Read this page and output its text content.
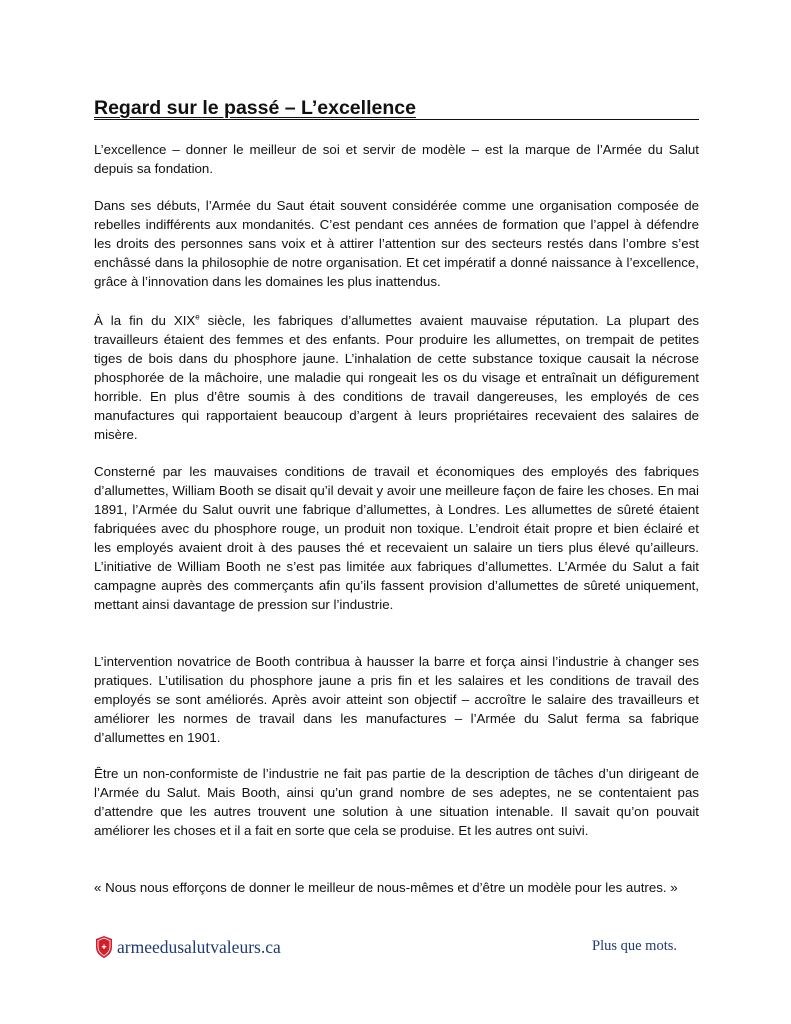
Regard sur le passé – L’excellence

L’excellence – donner le meilleur de soi et servir de modèle – est la marque de l’Armée du Salut depuis sa fondation.

Dans ses débuts, l’Armée du Saut était souvent considérée comme une organisation composée de rebelles indifférents aux mondanités. C’est pendant ces années de formation que l’appel à défendre les droits des personnes sans voix et à attirer l’attention sur des secteurs restés dans l’ombre s’est enchâssé dans la philosophie de notre organisation. Et cet impératif a donné naissance à l’excellence, grâce à l’innovation dans les domaines les plus inattendus.

À la fin du XIXe siècle, les fabriques d’allumettes avaient mauvaise réputation. La plupart des travailleurs étaient des femmes et des enfants. Pour produire les allumettes, on trempait de petites tiges de bois dans du phosphore jaune. L’inhalation de cette substance toxique causait la nécrose phosphorée de la mâchoire, une maladie qui rongeait les os du visage et entraînait un défigurement horrible. En plus d’être soumis à des conditions de travail dangereuses, les employés de ces manufactures qui rapportaient beaucoup d’argent à leurs propriétaires recevaient des salaires de misère.

Consterné par les mauvaises conditions de travail et économiques des employés des fabriques d’allumettes, William Booth se disait qu’il devait y avoir une meilleure façon de faire les choses. En mai 1891, l’Armée du Salut ouvrit une fabrique d’allumettes, à Londres. Les allumettes de sûreté étaient fabriquées avec du phosphore rouge, un produit non toxique. L’endroit était propre et bien éclairé et les employés avaient droit à des pauses thé et recevaient un salaire un tiers plus élevé qu’ailleurs. L’initiative de William Booth ne s’est pas limitée aux fabriques d’allumettes. L’Armée du Salut a fait campagne auprès des commerçants afin qu’ils fassent provision d’allumettes de sûreté uniquement, mettant ainsi davantage de pression sur l’industrie.

L’intervention novatrice de Booth contribua à hausser la barre et força ainsi l’industrie à changer ses pratiques. L’utilisation du phosphore jaune a pris fin et les salaires et les conditions de travail des employés se sont améliorés. Après avoir atteint son objectif – accroître le salaire des travailleurs et améliorer les normes de travail dans les manufactures – l’Armée du Salut ferma sa fabrique d’allumettes en 1901.

Être un non-conformiste de l’industrie ne fait pas partie de la description de tâches d’un dirigeant de l’Armée du Salut. Mais Booth, ainsi qu’un grand nombre de ses adeptes, ne se contentaient pas d’attendre que les autres trouvent une solution à une situation intenable. Il savait qu’on pouvait améliorer les choses et il a fait en sorte que cela se produise. Et les autres ont suivi.

« Nous nous efforçons de donner le meilleur de nous-mêmes et d’être un modèle pour les autres. »

✚ armeedusalutvaleurs.ca	Plus que mots.
